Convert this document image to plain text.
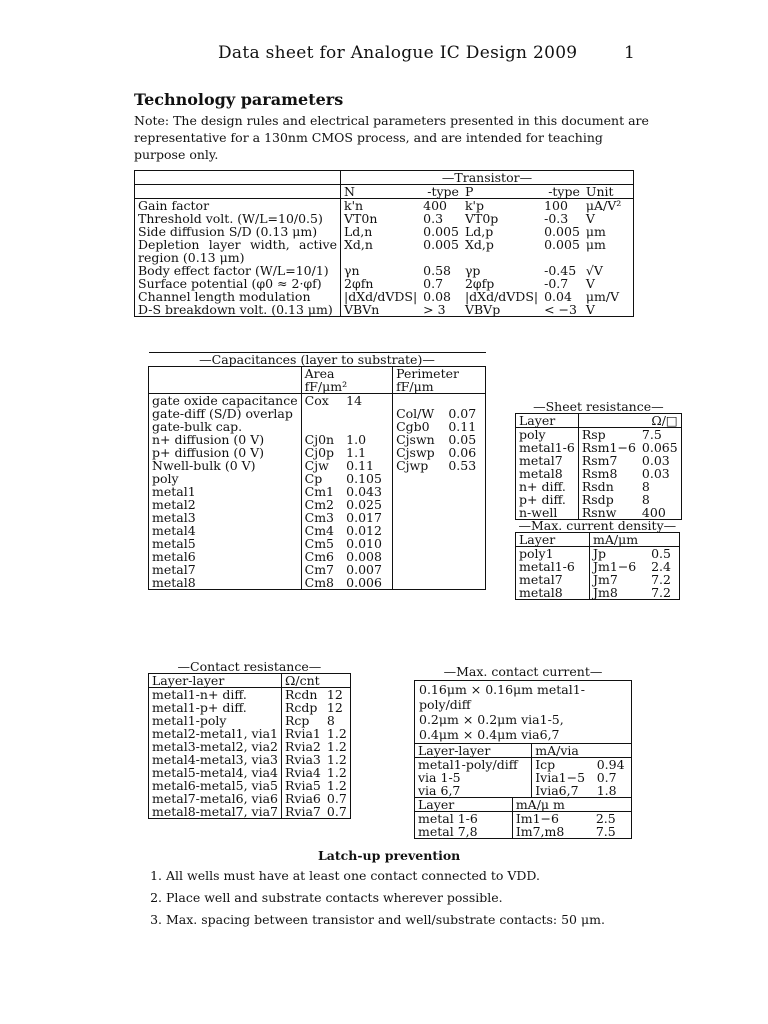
Data sheet for Analogue IC Design 2009	1
Technology parameters
Note: The design rules and electrical parameters presented in this document are representative for a 130nm CMOS process, and are intended for teaching purpose only.
	—Transistor—				
	N	-type	P	-type	Unit
Gain factor	k'n	400	k'p	100	μA/V²
Threshold volt. (W/L=10/0.5)	VT0n	0.3	VT0p	-0.3	V
Side diffusion S/D (0.13 μm)	Ld,n	0.005	Ld,p	0.005	μm
Depletion layer width, active region (0.13 μm)	Xd,n	0.005	Xd,p	0.005	μm
Body effect factor (W/L=10/1)	γn	0.58	γp	-0.45	√V
Surface potential (φ0 ≈ 2·φf)	2φfn	0.7	2φfp	-0.7	V
Channel length modulation	|dXd/dVDS|	0.08	|dXd/dVDS|	0.04	μm/V
D-S breakdown volt. (0.13 μm)	VBVn	> 3	VBVp	< −3	V
—Capacitances (layer to substrate)—				
	Area		Perimeter	
	fF/μm²		fF/μm	
gate oxide capacitance	Cox	14		
gate-diff (S/D) overlap			Col/W	0.07
gate-bulk cap.			Cgb0	0.11
n+ diffusion (0 V)	Cj0n	1.0	Cjswn	0.05
p+ diffusion (0 V)	Cj0p	1.1	Cjswp	0.06
Nwell-bulk (0 V)	Cjw	0.11	Cjwp	0.53
poly	Cp	0.105		
metal1	Cm1	0.043		
metal2	Cm2	0.025		
metal3	Cm3	0.017		
metal4	Cm4	0.012		
metal5	Cm5	0.010		
metal6	Cm6	0.008		
metal7	Cm7	0.007		
metal8	Cm8	0.006		
—Sheet resistance—		
Layer	Ω/□	
poly	Rsp	7.5
metal1-6	Rsm1−6	0.065
metal7	Rsm7	0.03
metal8	Rsm8	0.03
n+ diff.	Rsdn	8
p+ diff.	Rsdp	8
n-well	Rsnw	400
—Max. current density—		
Layer	mA/μm	
poly1	Jp	0.5
metal1-6	Jm1−6	2.4
metal7	Jm7	7.2
metal8	Jm8	7.2
—Contact resistance—		
Layer-layer	Ω/cnt	
metal1-n+ diff.	Rcdn	12
metal1-p+ diff.	Rcdp	12
metal1-poly	Rcp	8
metal2-metal1, via1	Rvia1	1.2
metal3-metal2, via2	Rvia2	1.2
metal4-metal3, via3	Rvia3	1.2
metal5-metal4, via4	Rvia4	1.2
metal6-metal5, via5	Rvia5	1.2
metal7-metal6, via6	Rvia6	0.7
metal8-metal7, via7	Rvia7	0.7
—Max. contact current—
0.16μm × 0.16μm metal1-poly/diff
0.2μm × 0.2μm via1-5,
0.4μm × 0.4μm via6,7
Layer-layer	mA/via	
metal1-poly/diff	Icp	0.94
via 1-5	Ivia1−5	0.7
via 6,7	Ivia6,7	1.8
Layer	mA/μ m	
metal 1-6	Im1−6	2.5
metal 7,8	Im7,m8	7.5
Latch-up prevention
1. All wells must have at least one contact connected to VDD.
2. Place well and substrate contacts wherever possible.
3. Max. spacing between transistor and well/substrate contacts: 50 μm.
